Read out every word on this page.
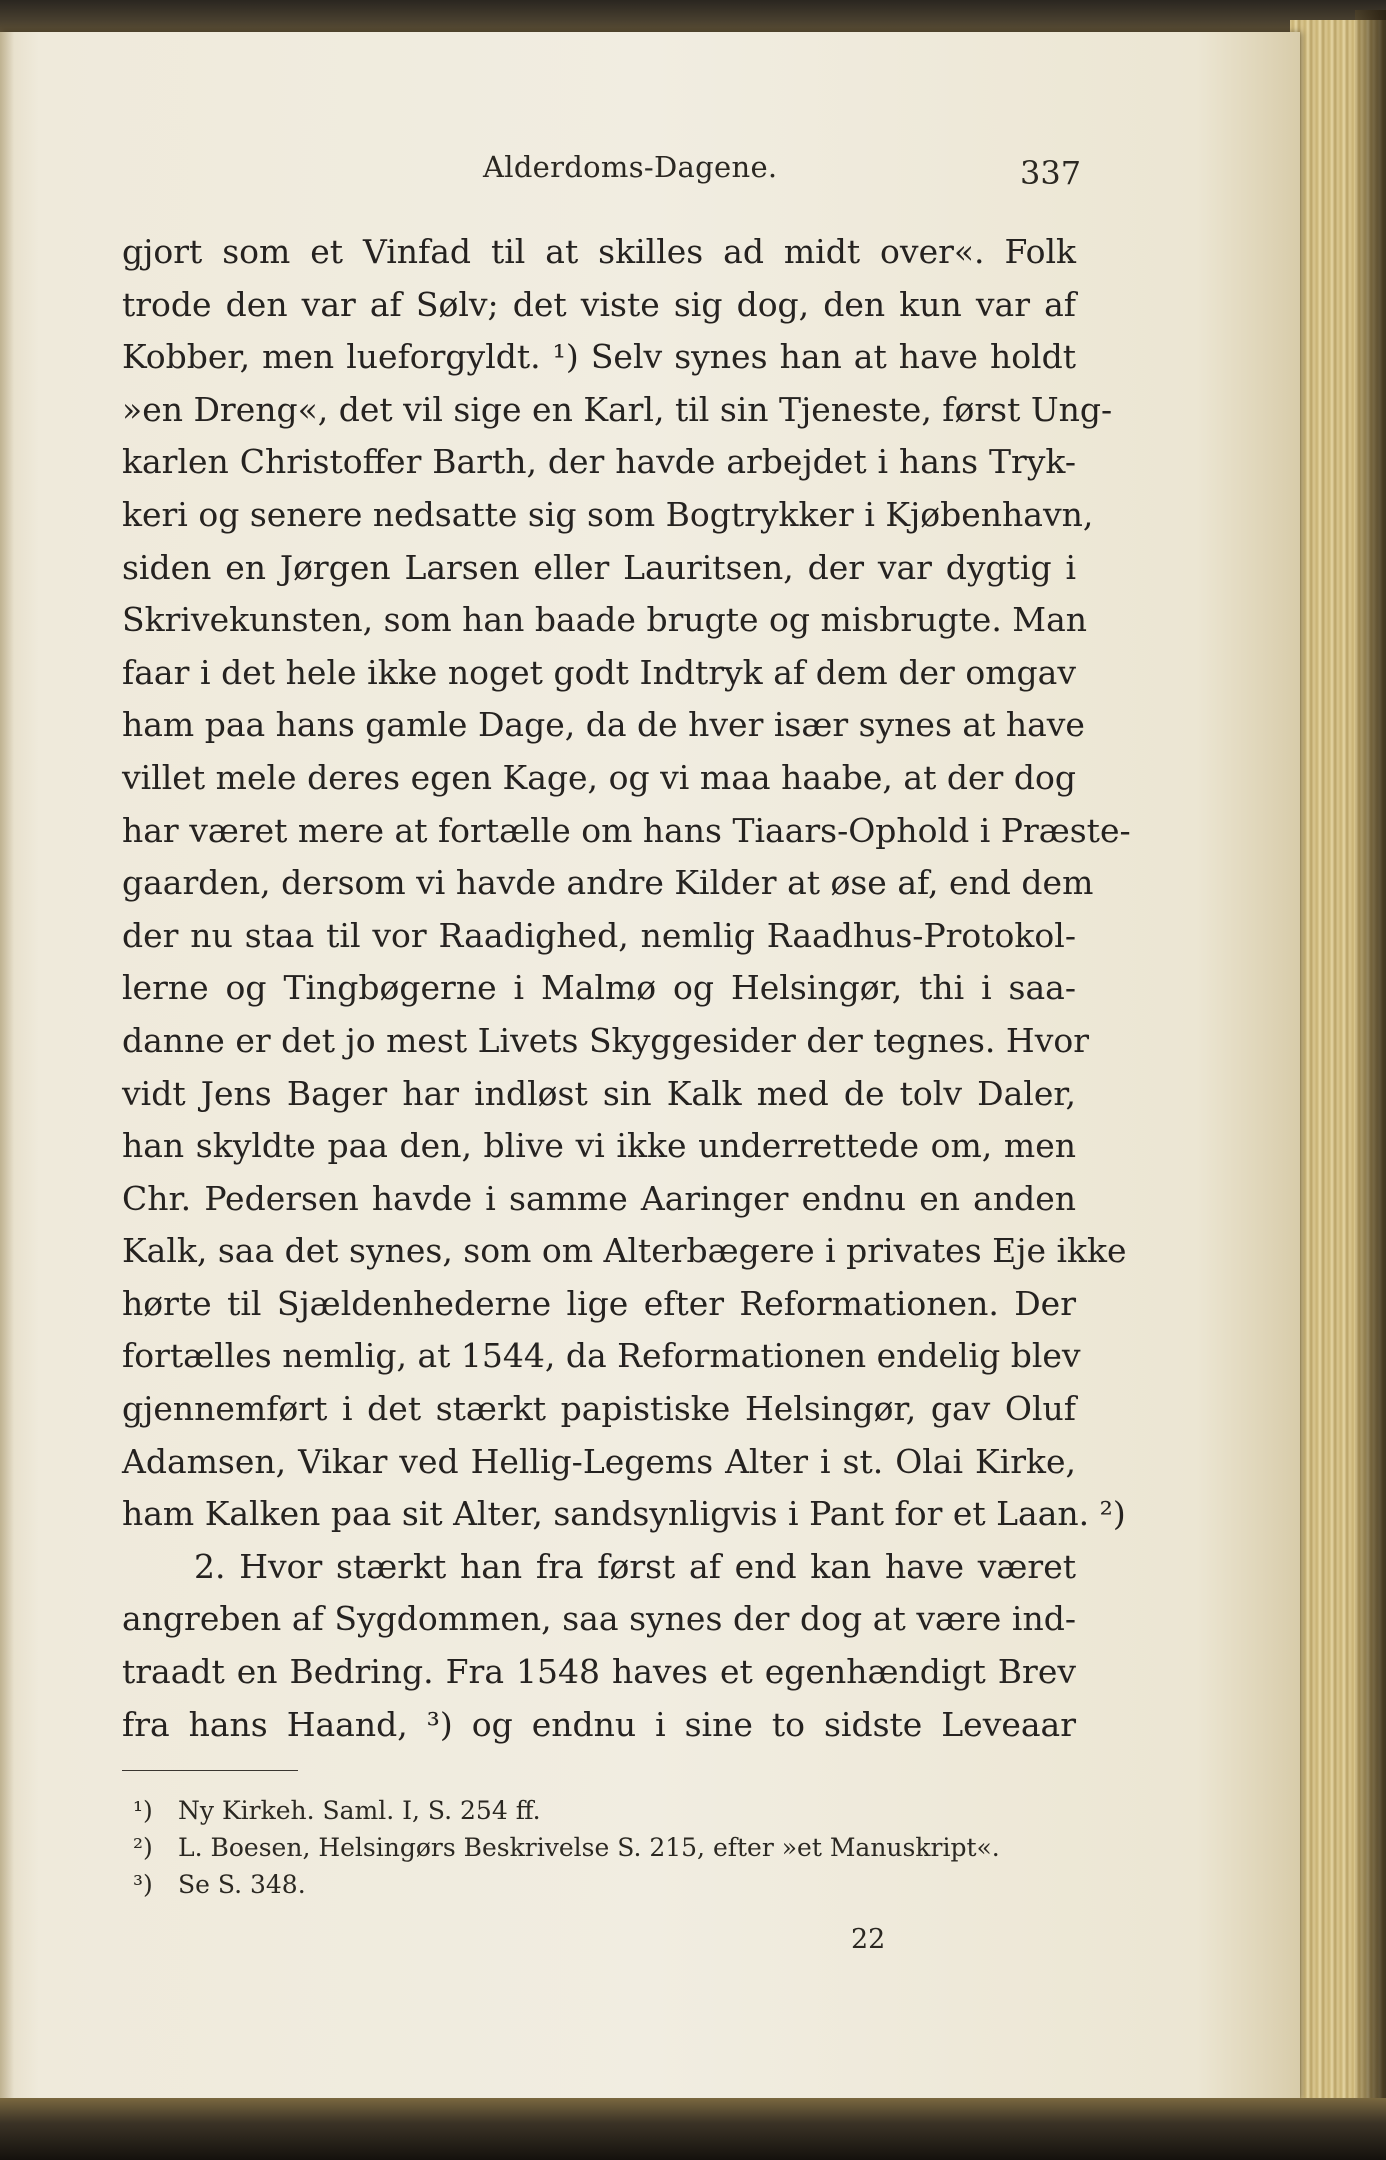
Alderdoms-Dagene.	337
gjort som et Vinfad til at skilles ad midt over«. Folk
trode den var af Sølv; det viste sig dog, den kun var af
Kobber, men lueforgyldt. ¹) Selv synes han at have holdt
»en Dreng«, det vil sige en Karl, til sin Tjeneste, først Ung-
karlen Christoffer Barth, der havde arbejdet i hans Tryk-
keri og senere nedsatte sig som Bogtrykker i Kjøbenhavn,
siden en Jørgen Larsen eller Lauritsen, der var dygtig i
Skrivekunsten, som han baade brugte og misbrugte. Man
faar i det hele ikke noget godt Indtryk af dem der omgav
ham paa hans gamle Dage, da de hver især synes at have
villet mele deres egen Kage, og vi maa haabe, at der dog
har været mere at fortælle om hans Tiaars-Ophold i Præste-
gaarden, dersom vi havde andre Kilder at øse af, end dem
der nu staa til vor Raadighed, nemlig Raadhus-Protokol-
lerne og Tingbøgerne i Malmø og Helsingør, thi i saa-
danne er det jo mest Livets Skyggesider der tegnes. Hvor
vidt Jens Bager har indløst sin Kalk med de tolv Daler,
han skyldte paa den, blive vi ikke underrettede om, men
Chr. Pedersen havde i samme Aaringer endnu en anden
Kalk, saa det synes, som om Alterbægere i privates Eje ikke
hørte til Sjældenhederne lige efter Reformationen. Der
fortælles nemlig, at 1544, da Reformationen endelig blev
gjennemført i det stærkt papistiske Helsingør, gav Oluf
Adamsen, Vikar ved Hellig-Legems Alter i st. Olai Kirke,
ham Kalken paa sit Alter, sandsynligvis i Pant for et Laan. ²)
2. Hvor stærkt han fra først af end kan have været
angreben af Sygdommen, saa synes der dog at være ind-
traadt en Bedring. Fra 1548 haves et egenhændigt Brev
fra hans Haand, ³) og endnu i sine to sidste Leveaar
¹) Ny Kirkeh. Saml. I, S. 254 ff.
²) L. Boesen, Helsingørs Beskrivelse S. 215, efter »et Manuskript«.
³) Se S. 348.
22
